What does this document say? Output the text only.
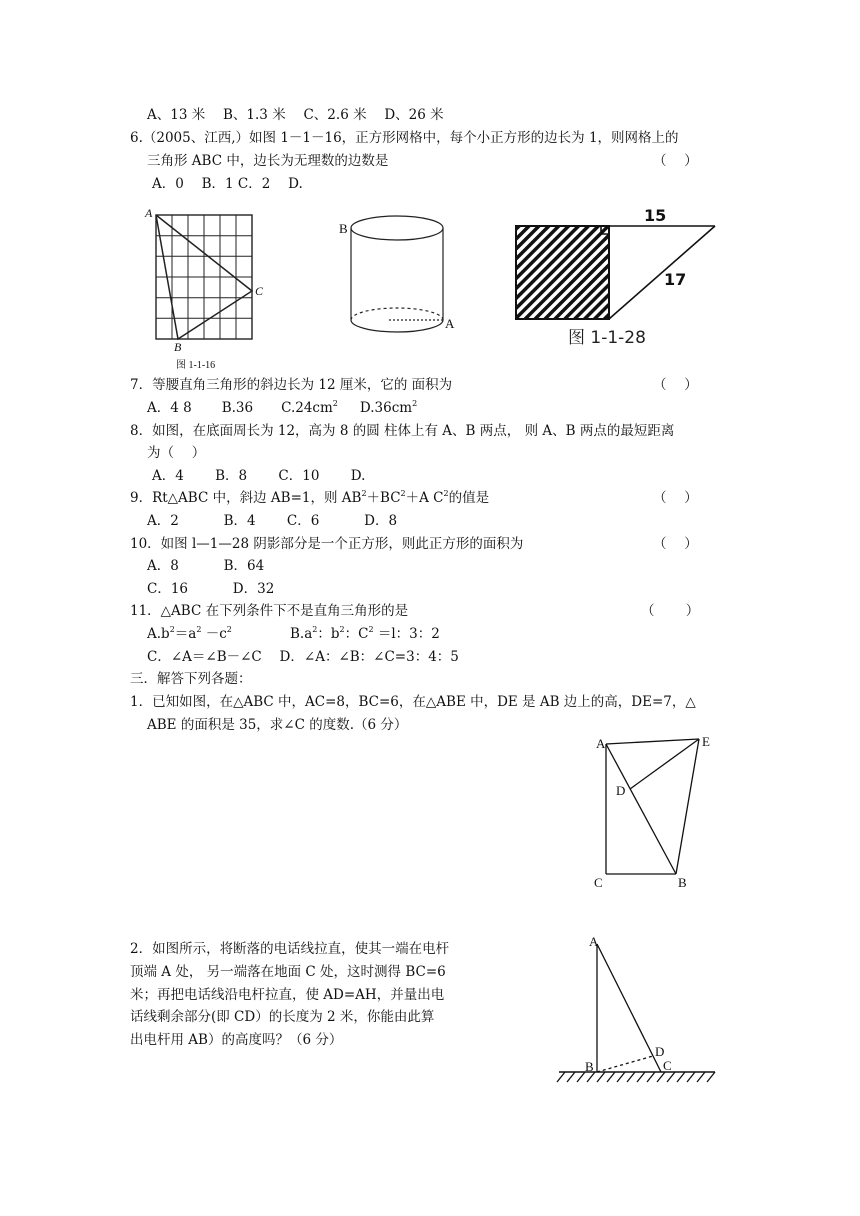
A、13 米　 B、1.3 米　 C、2.6 米　 D、26 米
6.（2005、江西,）如图 1－1－16，正方形网格中，每个小正方形的边长为 1，则网格上的
三角形 ABC 中，边长为无理数的边数是	（　 ）
A．0　 B．1 C．2　 D.
A
B
C
图 1-1-16
B
A
15
17
图 1-1-28
7．等腰直角三角形的斜边长为 12 厘米，它的 面积为	（　 ）
A．4 8 B.36 $C.24cm^2$ $D.36cm^2$
8．如图，在底面周长为 12，高为 8 的圆 柱体上有 A、B 两点， 则 A、B 两点的最短距离
为（　 ）
A．4　　 B．8　　 C．10　　 D.
9．Rt△ABC 中，斜边 AB=1，则 $AB^2+BC^2+A$ $C^2$的值是	（　 ）
A．2　　　 B．4　　 C．6　　　 D．8
10．如图 l—1—28 阴影部分是一个正方形，则此正方形的面积为	（　 ）
A．8　　　 B．64
C．16　　　 D．32
11．△ABC 在下列条件下不是直角三角形的是	（　　 ）
$A.b^2=a^2 -c^2$	$B.a^2$：$b^2$：$C^2 =l$：3：2
C．∠A＝∠B－∠C　 D．∠A：∠B：∠C=3：4：5
三．解答下列各题：
1．已知如图，在△ABC 中，AC=8，BC=6，在△ABE 中，DE 是 AB 边上的高，DE=7，△
ABE 的面积是 35，求∠C 的度数.（6 分）
A	E
D
C	B
2．如图所示，将断落的电话线拉直，使其一端在电杆
顶端 A 处， 另一端落在地面 C 处，这时测得 BC=6
米；再把电话线沿电杆拉直，使 AD=AH，并量出电
话线剩余部分(即 CD）的长度为 2 米，你能由此算
出电杆用 AB）的高度吗？（6 分）
A
B
D
C
